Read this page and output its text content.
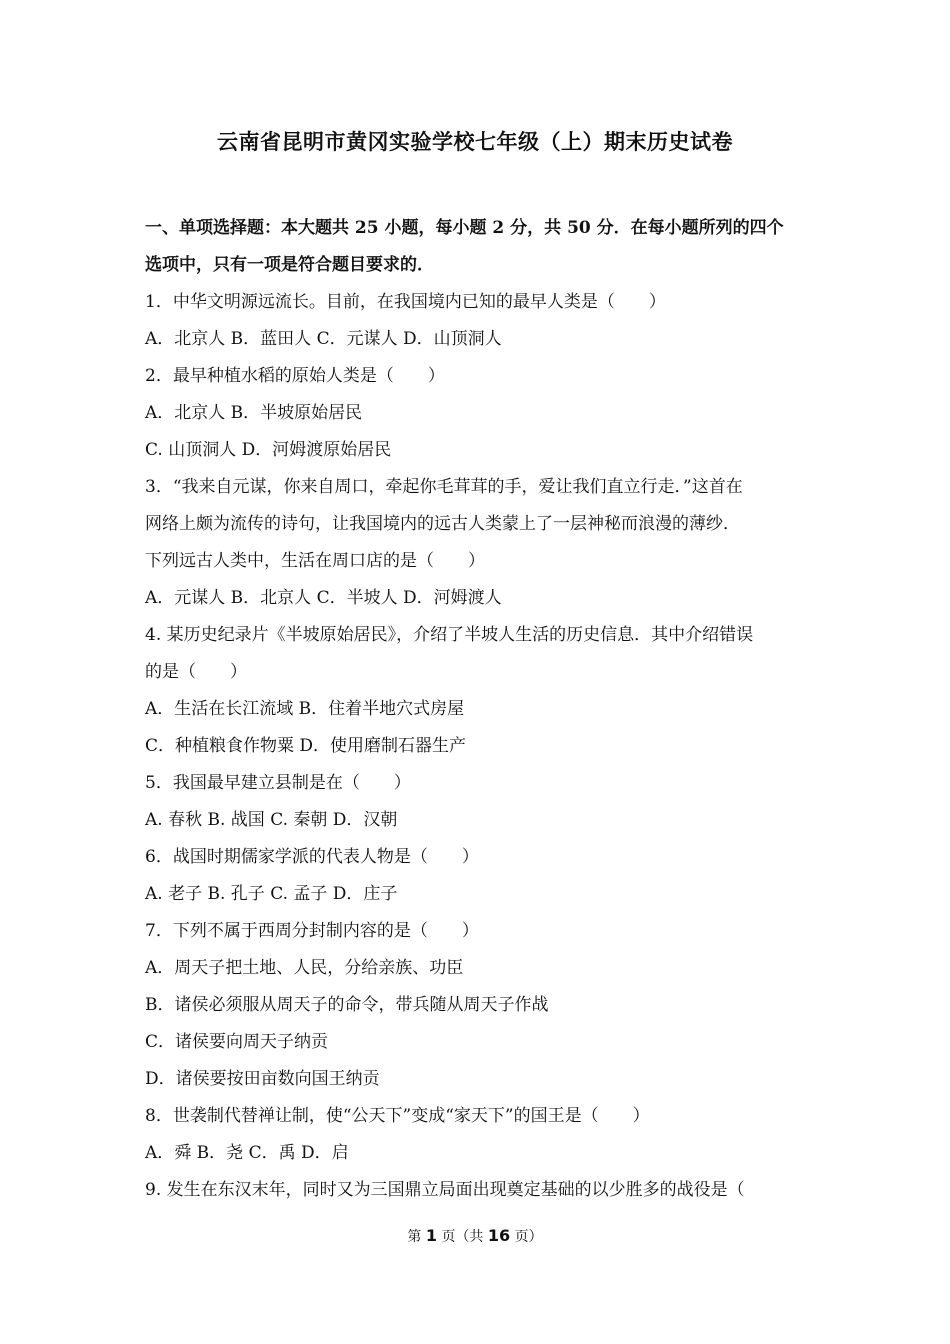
云南省昆明市黄冈实验学校七年级（上）期末历史试卷
一、单项选择题：本大题共 25 小题，每小题 2 分，共 50 分．在每小题所列的四个
选项中，只有一项是符合题目要求的．
1．中华文明源远流长。目前，在我国境内已知的最早人类是（　　）
A．北京人 B．蓝田人 C．元谋人 D．山顶洞人
2．最早种植水稻的原始人类是（　　）
A．北京人 B．半坡原始居民
C. 山顶洞人 D．河姆渡原始居民
3．“我来自元谋，你来自周口，牵起你毛茸茸的手，爱让我们直立行走．”这首在
网络上颇为流传的诗句，让我国境内的远古人类蒙上了一层神秘而浪漫的薄纱．
下列远古人类中，生活在周口店的是（　　）
A．元谋人 B．北京人 C．半坡人 D．河姆渡人
4. 某历史纪录片《半坡原始居民》，介绍了半坡人生活的历史信息．其中介绍错误
的是（　　）
A．生活在长江流域 B．住着半地穴式房屋
C．种植粮食作物粟 D．使用磨制石器生产
5．我国最早建立县制是在（　　）
A. 春秋 B. 战国 C. 秦朝 D．汉朝
6．战国时期儒家学派的代表人物是（　　）
A. 老子 B. 孔子 C. 孟子 D．庄子
7．下列不属于西周分封制内容的是（　　）
A．周天子把土地、人民，分给亲族、功臣
B．诸侯必须服从周天子的命令，带兵随从周天子作战
C．诸侯要向周天子纳贡
D．诸侯要按田亩数向国王纳贡
8．世袭制代替禅让制，使“公天下”变成“家天下”的国王是（　　）
A．舜 B．尧 C．禹 D．启
9. 发生在东汉末年，同时又为三国鼎立局面出现奠定基础的以少胜多的战役是（
第 1 页（共 16 页）
